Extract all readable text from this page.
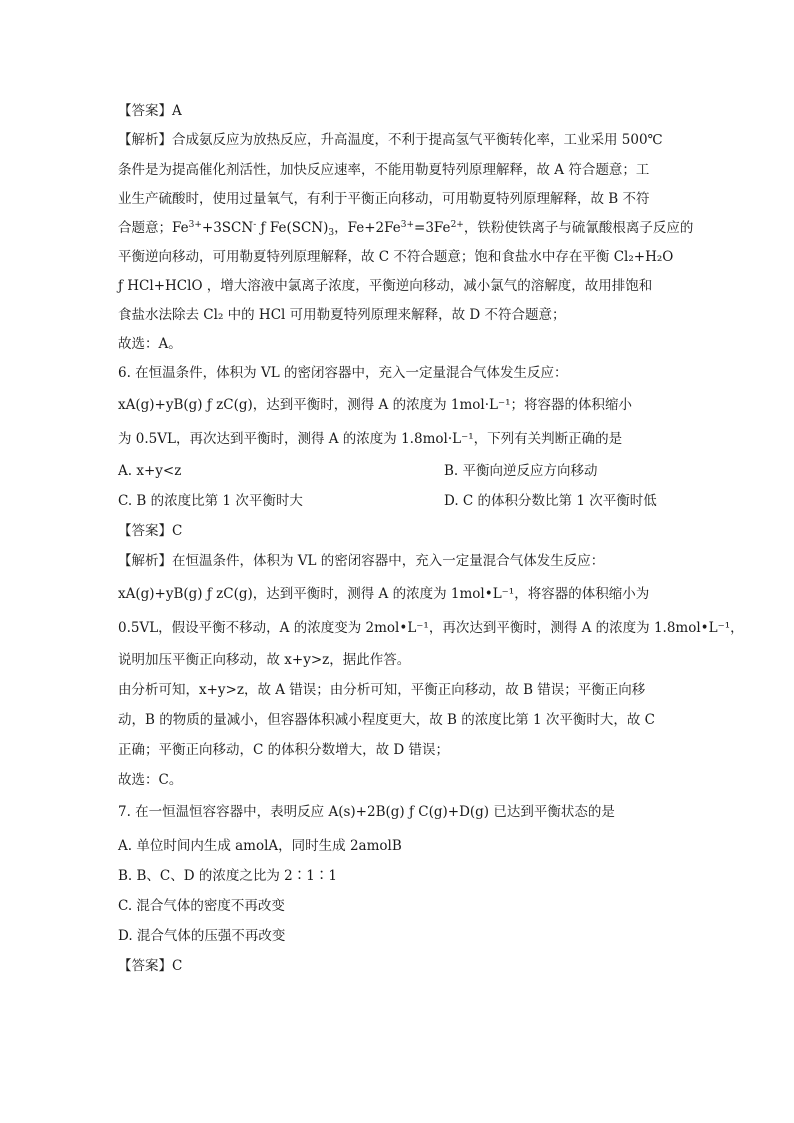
【答案】A
【解析】合成氨反应为放热反应，升高温度，不利于提高氢气平衡转化率，工业采用 500℃
条件是为提高催化剂活性，加快反应速率，不能用勒夏特列原理解释，故 A 符合题意；工
业生产硫酸时，使用过量氧气，有利于平衡正向移动，可用勒夏特列原理解释，故 B 不符
合题意；$Fe^{3+}+3SCN^-$ ƒ $Fe(SCN)_3$，$Fe+2Fe^{3+}=3Fe^{2+}$，铁粉使铁离子与硫氰酸根离子反应的
平衡逆向移动，可用勒夏特列原理解释，故 C 不符合题意；饱和食盐水中存在平衡 Cl₂+H₂O
ƒ HCl+HClO ，增大溶液中氯离子浓度，平衡逆向移动，减小氯气的溶解度，故用排饱和
食盐水法除去 Cl₂ 中的 HCl 可用勒夏特列原理来解释，故 D 不符合题意；
故选：A。
6. 在恒温条件，体积为 VL 的密闭容器中，充入一定量混合气体发生反应：
xA(g)+yB(g) ƒ zC(g)，达到平衡时，测得 A 的浓度为 1mol·L⁻¹；将容器的体积缩小
为 0.5VL，再次达到平衡时，测得 A 的浓度为 1.8mol·L⁻¹，下列有关判断正确的是
A. x+y<z	B. 平衡向逆反应方向移动
C. B 的浓度比第 1 次平衡时大	D. C 的体积分数比第 1 次平衡时低
【答案】C
【解析】在恒温条件，体积为 VL 的密闭容器中，充入一定量混合气体发生反应：
xA(g)+yB(g) ƒ zC(g)，达到平衡时，测得 A 的浓度为 1mol•L⁻¹，将容器的体积缩小为
0.5VL，假设平衡不移动，A 的浓度变为 2mol•L⁻¹，再次达到平衡时，测得 A 的浓度为 1.8mol•L⁻¹，
说明加压平衡正向移动，故 x+y>z，据此作答。
由分析可知，x+y>z，故 A 错误；由分析可知，平衡正向移动，故 B 错误；平衡正向移
动，B 的物质的量减小，但容器体积减小程度更大，故 B 的浓度比第 1 次平衡时大，故 C
正确；平衡正向移动，C 的体积分数增大，故 D 错误；
故选：C。
7. 在一恒温恒容容器中，表明反应 A(s)+2B(g) ƒ C(g)+D(g) 已达到平衡状态的是
A. 单位时间内生成 amolA，同时生成 2amolB
B. B、C、D 的浓度之比为 2∶1∶1
C. 混合气体的密度不再改变
D. 混合气体的压强不再改变
【答案】C
